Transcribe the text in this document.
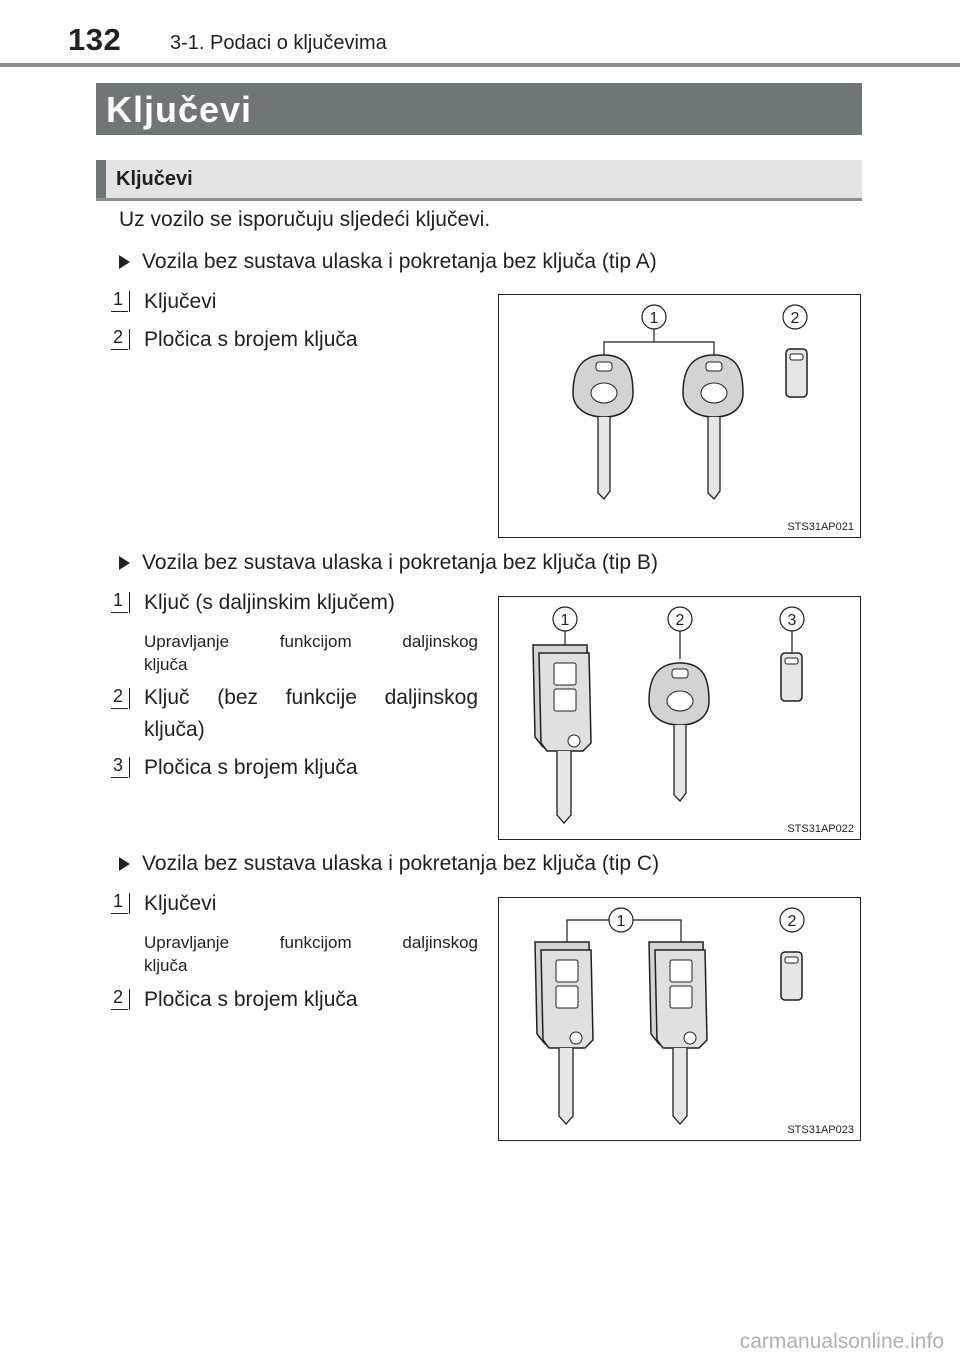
132 3-1. Podaci o ključevima
Ključevi
Ključevi
Uz vozilo se isporučuju sljedeći ključevi.
Vozila bez sustava ulaska i pokretanja bez ključa (tip A)
1 Ključevi
2 Pločica s brojem ključa
1	2
STS31AP021
Vozila bez sustava ulaska i pokretanja bez ključa (tip B)
1 Ključ (s daljinskim ključem)
Upravljanje funkcijom daljinskog
ključa
2 Ključ (bez funkcije daljinskog ključa)
3 Pločica s brojem ključa
1	2	3
STS31AP022
Vozila bez sustava ulaska i pokretanja bez ključa (tip C)
1 Ključevi
Upravljanje funkcijom daljinskog
ključa
2 Pločica s brojem ključa
1	2
STS31AP023
carmanualsonline.info
